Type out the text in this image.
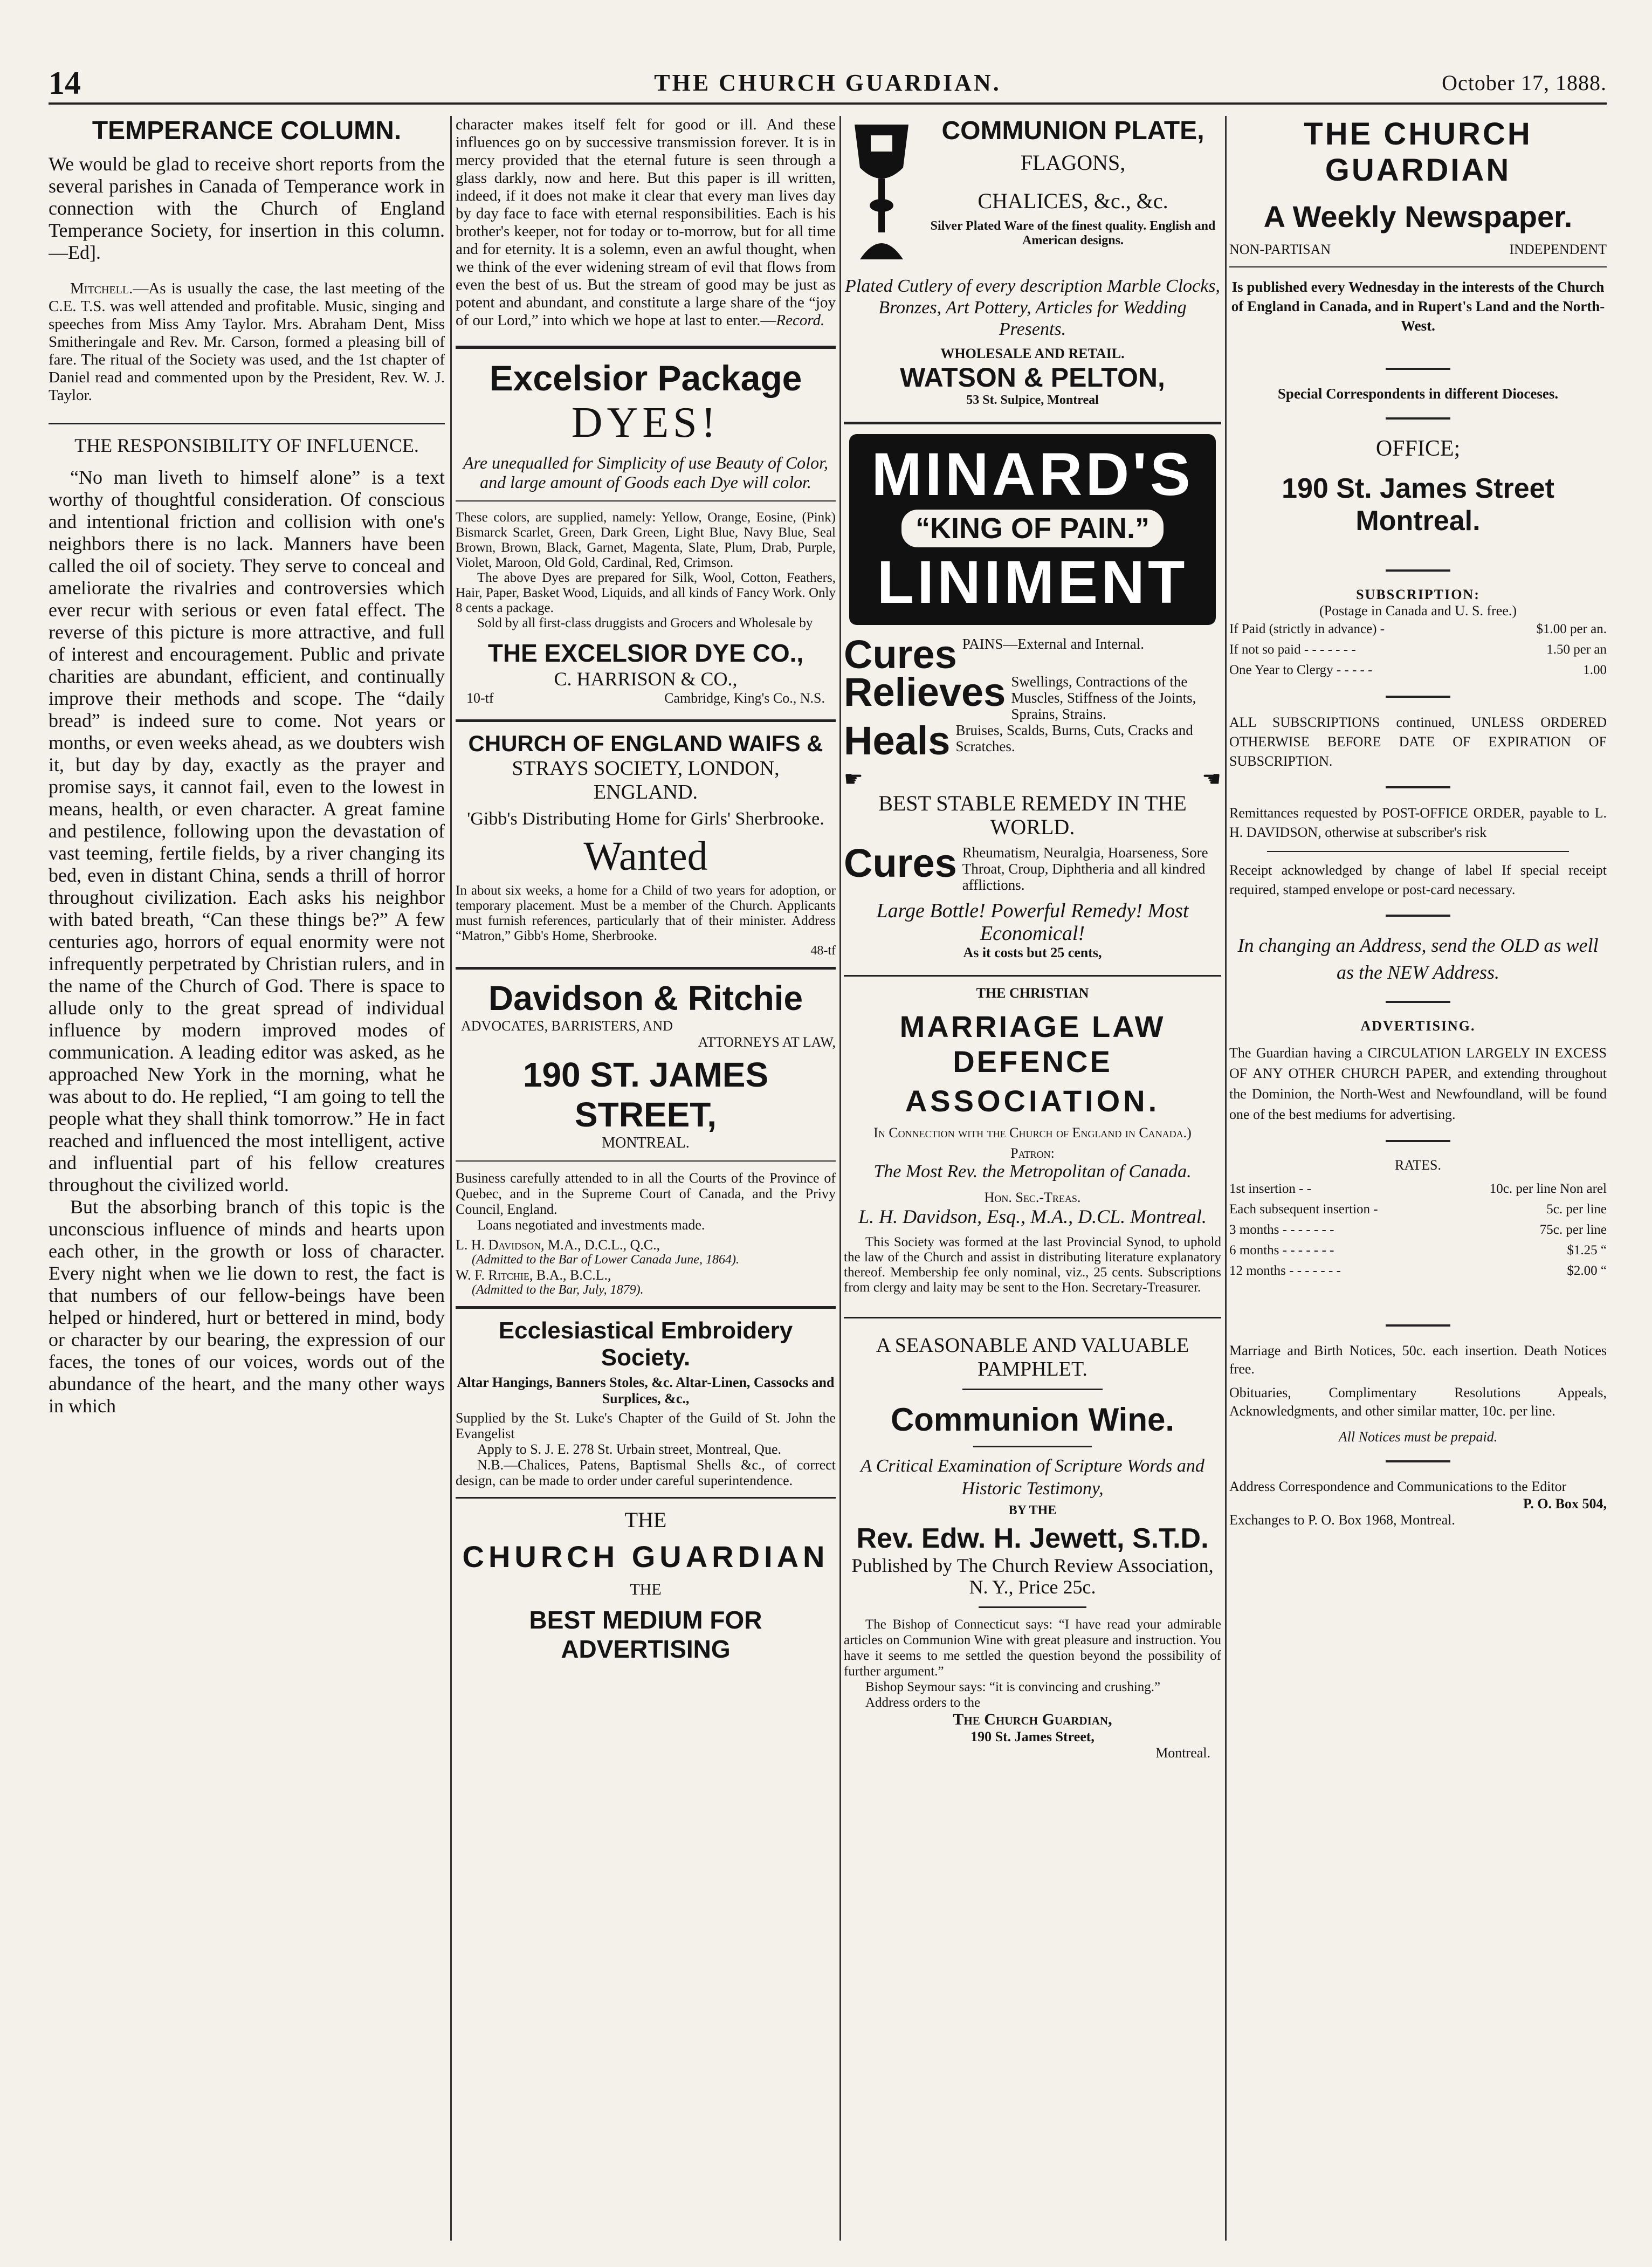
14	THE CHURCH GUARDIAN.	October 17, 1888.
TEMPERANCE COLUMN.

We would be glad to receive short reports from the several parishes in Canada of Temperance work in connection with the Church of England Temperance Society, for insertion in this column.—Ed].

Mitchell.—As is usually the case, the last meeting of the C.E. T.S. was well attended and profitable. Music, singing and speeches from Miss Amy Taylor. Mrs. Abraham Dent, Miss Smitheringale and Rev. Mr. Carson, formed a pleasing bill of fare. The ritual of the Society was used, and the 1st chapter of Daniel read and commented upon by the President, Rev. W. J. Taylor.

THE RESPONSIBILITY OF INFLUENCE.

“No man liveth to himself alone” is a text worthy of thoughtful consideration. Of conscious and intentional friction and collision with one's neighbors there is no lack. Manners have been called the oil of society. They serve to conceal and ameliorate the rivalries and controversies which ever recur with serious or even fatal effect. The reverse of this picture is more attractive, and full of interest and encouragement. Public and private charities are abundant, efficient, and continually improve their methods and scope. The “daily bread” is indeed sure to come. Not years or months, or even weeks ahead, as we doubters wish it, but day by day, exactly as the prayer and promise says, it cannot fail, even to the lowest in means, health, or even character. A great famine and pestilence, following upon the devastation of vast teeming, fertile fields, by a river changing its bed, even in distant China, sends a thrill of horror throughout civilization. Each asks his neighbor with bated breath, “Can these things be?” A few centuries ago, horrors of equal enormity were not infrequently perpetrated by Christian rulers, and in the name of the Church of God. There is space to allude only to the great spread of individual influence by modern improved modes of communication. A leading editor was asked, as he approached New York in the morning, what he was about to do. He replied, “I am going to tell the people what they shall think tomorrow.” He in fact reached and influenced the most intelligent, active and influential part of his fellow creatures throughout the civilized world.

But the absorbing branch of this topic is the unconscious influence of minds and hearts upon each other, in the growth or loss of character. Every night when we lie down to rest, the fact is that numbers of our fellow-beings have been helped or hindered, hurt or bettered in mind, body or character by our bearing, the expression of our faces, the tones of our voices, words out of the abundance of the heart, and the many other ways in which

character makes itself felt for good or ill. And these influences go on by successive transmission forever. It is in mercy provided that the eternal future is seen through a glass darkly, now and here. But this paper is ill written, indeed, if it does not make it clear that every man lives day by day face to face with eternal responsibilities. Each is his brother's keeper, not for today or to-morrow, but for all time and for eternity. It is a solemn, even an awful thought, when we think of the ever widening stream of evil that flows from even the best of us. But the stream of good may be just as potent and abundant, and constitute a large share of the “joy of our Lord,” into which we hope at last to enter.—Record.

Excelsior Package
DYES!

Are unequalled for Simplicity of use Beauty of Color, and large amount of Goods each Dye will color.

These colors, are supplied, namely: Yellow, Orange, Eosine, (Pink) Bismarck Scarlet, Green, Dark Green, Light Blue, Navy Blue, Seal Brown, Brown, Black, Garnet, Magenta, Slate, Plum, Drab, Purple, Violet, Maroon, Old Gold, Cardinal, Red, Crimson.

The above Dyes are prepared for Silk, Wool, Cotton, Feathers, Hair, Paper, Basket Wood, Liquids, and all kinds of Fancy Work. Only 8 cents a package.

Sold by all first-class druggists and Grocers and Wholesale by

THE EXCELSIOR DYE CO.,
C. HARRISON & CO.,
10-tf	Cambridge, King's Co., N.S.
CHURCH OF ENGLAND WAIFS &
STRAYS SOCIETY, LONDON,
ENGLAND.
'Gibb's Distributing Home for Girls' Sherbrooke.
Wanted

In about six weeks, a home for a Child of two years for adoption, or temporary placement. Must be a member of the Church. Applicants must furnish references, particularly that of their minister. Address “Matron,” Gibb's Home, Sherbrooke.

48-tf
Davidson & Ritchie
ADVOCATES, BARRISTERS, AND
ATTORNEYS AT LAW,
190 ST. JAMES STREET,
MONTREAL.

Business carefully attended to in all the Courts of the Province of Quebec, and in the Supreme Court of Canada, and the Privy Council, England.

Loans negotiated and investments made.

L. H. Davidson, M.A., D.C.L., Q.C.,

(Admitted to the Bar of Lower Canada June, 1864).

W. F. Ritchie, B.A., B.C.L.,

(Admitted to the Bar, July, 1879).

Ecclesiastical Embroidery Society.

Altar Hangings, Banners Stoles, &c. Altar-Linen, Cassocks and Surplices, &c.,

Supplied by the St. Luke's Chapter of the Guild of St. John the Evangelist

Apply to S. J. E. 278 St. Urbain street, Montreal, Que.

N.B.—Chalices, Patens, Baptismal Shells &c., of correct design, can be made to order under careful superintendence.

THE
CHURCH GUARDIAN
THE
BEST MEDIUM FOR ADVERTISING
COMMUNION PLATE,
FLAGONS,
CHALICES, &c., &c.

Silver Plated Ware of the finest quality. English and American designs.

Plated Cutlery of every description Marble Clocks, Bronzes, Art Pottery, Articles for Wedding Presents.

WHOLESALE AND RETAIL.
WATSON & PELTON,
53 St. Sulpice, Montreal
MINARD'S
“KING OF PAIN.”
LINIMENT
Cures PAINS—External and Internal.
Relieves Swellings, Contractions of the Muscles, Stiffness of the Joints, Sprains, Strains.
Heals Bruises, Scalds, Burns, Cuts, Cracks and Scratches.
☛	☚
BEST STABLE REMEDY IN THE WORLD.
Cures Rheumatism, Neuralgia, Hoarseness, Sore Throat, Croup, Diphtheria and all kindred afflictions.

Large Bottle! Powerful Remedy! Most Economical!

As it costs but 25 cents,
THE CHRISTIAN
MARRIAGE LAW DEFENCE
ASSOCIATION.

In Connection with the Church of England in Canada.)

Patron:

The Most Rev. the Metropolitan of Canada.

Hon. Sec.-Treas.

L. H. Davidson, Esq., M.A., D.CL. Montreal.

This Society was formed at the last Provincial Synod, to uphold the law of the Church and assist in distributing literature explanatory thereof. Membership fee only nominal, viz., 25 cents. Subscriptions from clergy and laity may be sent to the Hon. Secretary-Treasurer.

A SEASONABLE AND VALUABLE PAMPHLET.
Communion Wine.

A Critical Examination of Scripture Words and Historic Testimony,

BY THE
Rev. Edw. H. Jewett, S.T.D.

Published by The Church Review Association, N. Y., Price 25c.

The Bishop of Connecticut says: “I have read your admirable articles on Communion Wine with great pleasure and instruction. You have it seems to me settled the question beyond the possibility of further argument.”

Bishop Seymour says: “it is convincing and crushing.”

Address orders to the

The Church Guardian,
190 St. James Street,
Montreal.
THE CHURCH GUARDIAN
A Weekly Newspaper.
NON-PARTISAN	INDEPENDENT

Is published every Wednesday in the interests of the Church of England in Canada, and in Rupert's Land and the North-West.

Special Correspondents in different Dioceses.

OFFICE;
190 St. James Street Montreal.
SUBSCRIPTION:
(Postage in Canada and U. S. free.)
If Paid (strictly in advance) -	$1.00 per an.
If not so paid - - - - - - -	1.50 per an
One Year to Clergy - - - - -	1.00

ALL SUBSCRIPTIONS continued, UNLESS ORDERED OTHERWISE BEFORE DATE OF EXPIRATION OF SUBSCRIPTION.

Remittances requested by POST-OFFICE ORDER, payable to L. H. DAVIDSON, otherwise at subscriber's risk

Receipt acknowledged by change of label If special receipt required, stamped envelope or post-card necessary.

In changing an Address, send the OLD as well as the NEW Address.

ADVERTISING.

The Guardian having a CIRCULATION LARGELY IN EXCESS OF ANY OTHER CHURCH PAPER, and extending throughout the Dominion, the North-West and Newfoundland, will be found one of the best mediums for advertising.

RATES.
1st insertion - -	10c. per line Non arel
Each subsequent insertion -	5c. per line
3 months - - - - - - -	75c. per line
6 months - - - - - - -	$1.25 “
12 months - - - - - - -	$2.00 “

Marriage and Birth Notices, 50c. each insertion. Death Notices free.

Obituaries, Complimentary Resolutions Appeals, Acknowledgments, and other similar matter, 10c. per line.

All Notices must be prepaid.

Address Correspondence and Communications to the Editor

P. O. Box 504,
Exchanges to P. O. Box 1968, Montreal.
